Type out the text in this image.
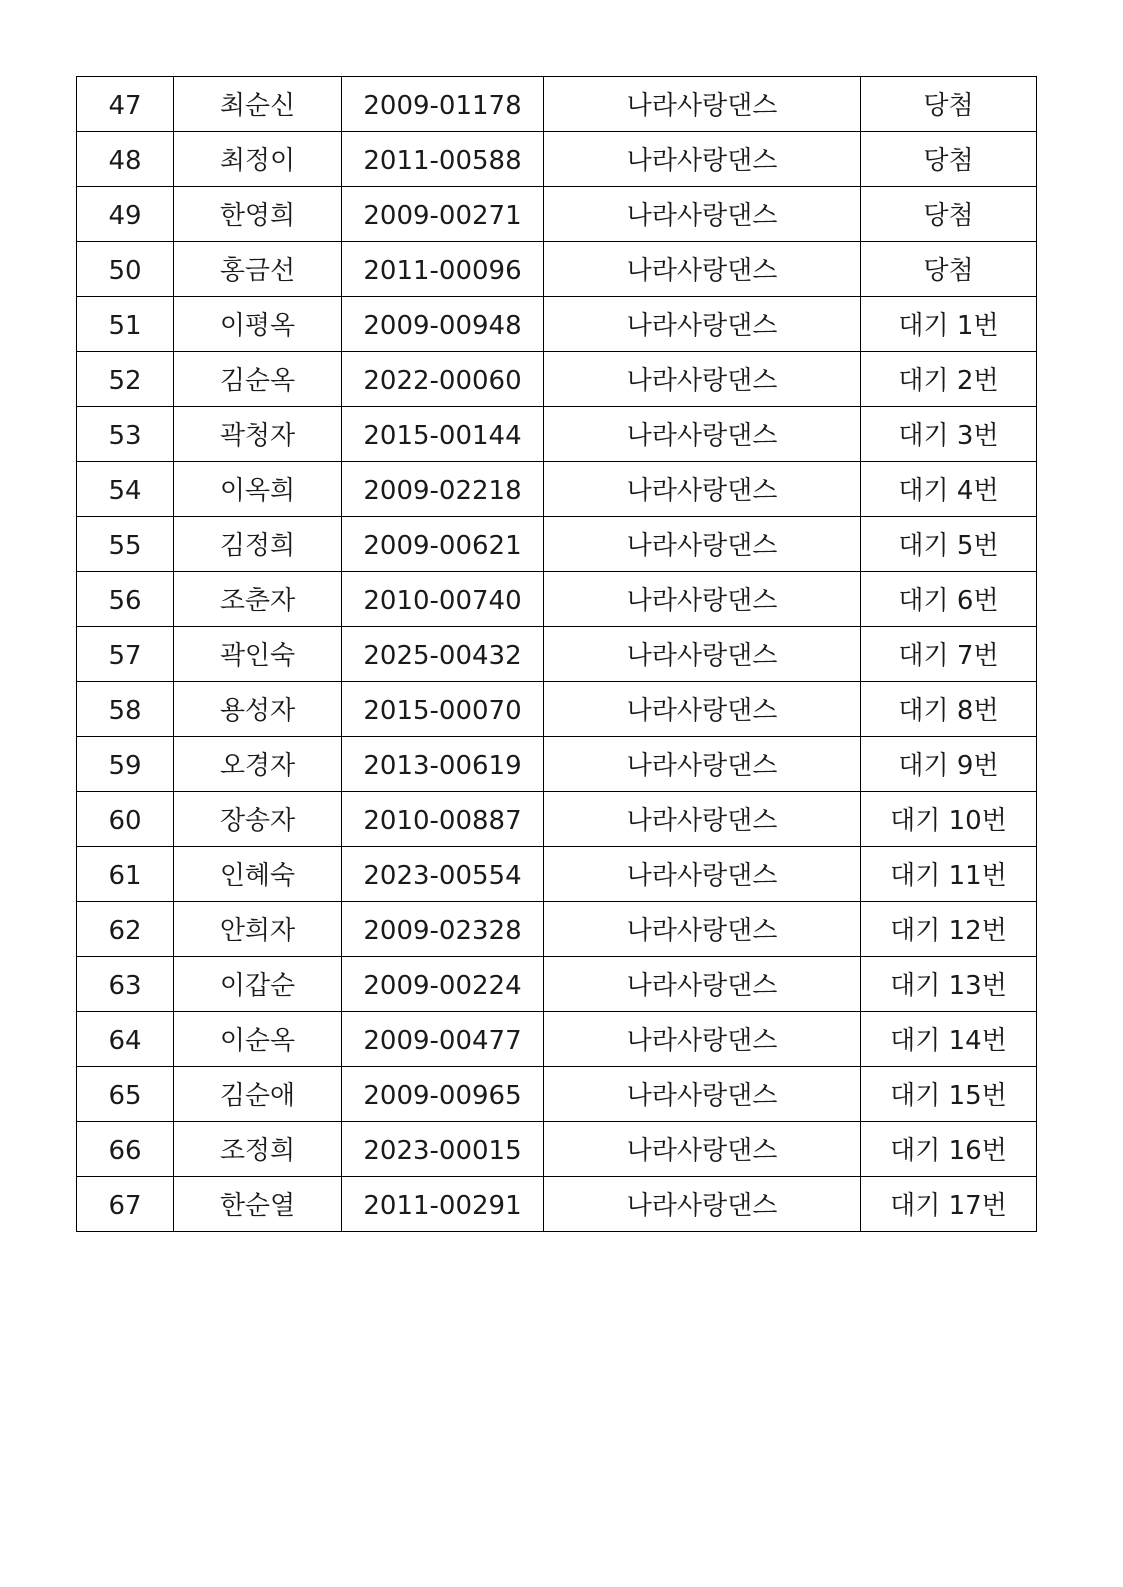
47	최순신	2009-01178	나라사랑댄스	당첨
48	최정이	2011-00588	나라사랑댄스	당첨
49	한영희	2009-00271	나라사랑댄스	당첨
50	홍금선	2011-00096	나라사랑댄스	당첨
51	이평옥	2009-00948	나라사랑댄스	대기 1번
52	김순옥	2022-00060	나라사랑댄스	대기 2번
53	곽청자	2015-00144	나라사랑댄스	대기 3번
54	이옥희	2009-02218	나라사랑댄스	대기 4번
55	김정희	2009-00621	나라사랑댄스	대기 5번
56	조춘자	2010-00740	나라사랑댄스	대기 6번
57	곽인숙	2025-00432	나라사랑댄스	대기 7번
58	용성자	2015-00070	나라사랑댄스	대기 8번
59	오경자	2013-00619	나라사랑댄스	대기 9번
60	장송자	2010-00887	나라사랑댄스	대기 10번
61	인혜숙	2023-00554	나라사랑댄스	대기 11번
62	안희자	2009-02328	나라사랑댄스	대기 12번
63	이갑순	2009-00224	나라사랑댄스	대기 13번
64	이순옥	2009-00477	나라사랑댄스	대기 14번
65	김순애	2009-00965	나라사랑댄스	대기 15번
66	조정희	2023-00015	나라사랑댄스	대기 16번
67	한순열	2011-00291	나라사랑댄스	대기 17번
